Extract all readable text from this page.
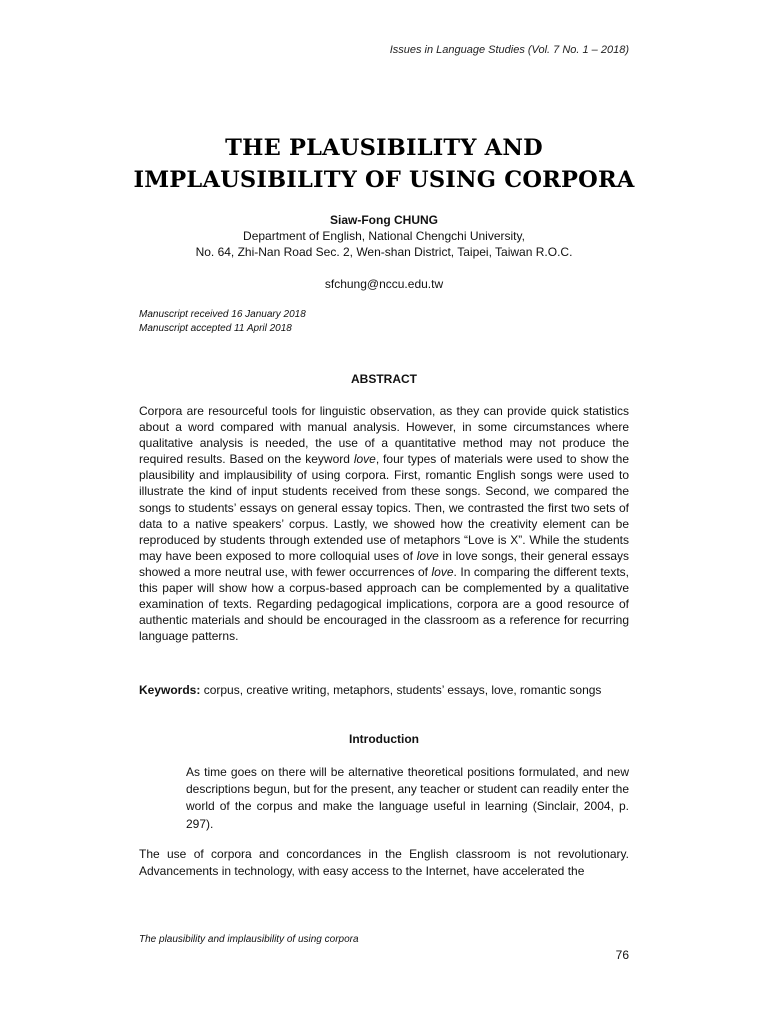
Issues in Language Studies (Vol. 7 No. 1 – 2018)
THE PLAUSIBILITY AND
IMPLAUSIBILITY OF USING CORPORA
Siaw-Fong CHUNG
Department of English, National Chengchi University,
No. 64, Zhi-Nan Road Sec. 2, Wen-shan District, Taipei, Taiwan R.O.C.
sfchung@nccu.edu.tw
Manuscript received 16 January 2018
Manuscript accepted 11 April 2018
ABSTRACT
Corpora are resourceful tools for linguistic observation, as they can provide quick statistics about a word compared with manual analysis. However, in some circumstances where qualitative analysis is needed, the use of a quantitative method may not produce the required results. Based on the keyword love, four types of materials were used to show the plausibility and implausibility of using corpora. First, romantic English songs were used to illustrate the kind of input students received from these songs. Second, we compared the songs to students’ essays on general essay topics. Then, we contrasted the first two sets of data to a native speakers’ corpus. Lastly, we showed how the creativity element can be reproduced by students through extended use of metaphors “Love is X”. While the students may have been exposed to more colloquial uses of love in love songs, their general essays showed a more neutral use, with fewer occurrences of love. In comparing the different texts, this paper will show how a corpus-based approach can be complemented by a qualitative examination of texts. Regarding pedagogical implications, corpora are a good resource of authentic materials and should be encouraged in the classroom as a reference for recurring language patterns.
Keywords: corpus, creative writing, metaphors, students’ essays, love, romantic songs
Introduction
As time goes on there will be alternative theoretical positions formulated, and new descriptions begun, but for the present, any teacher or student can readily enter the world of the corpus and make the language useful in learning (Sinclair, 2004, p. 297).
The use of corpora and concordances in the English classroom is not revolutionary. Advancements in technology, with easy access to the Internet, have accelerated the
The plausibility and implausibility of using corpora
76
